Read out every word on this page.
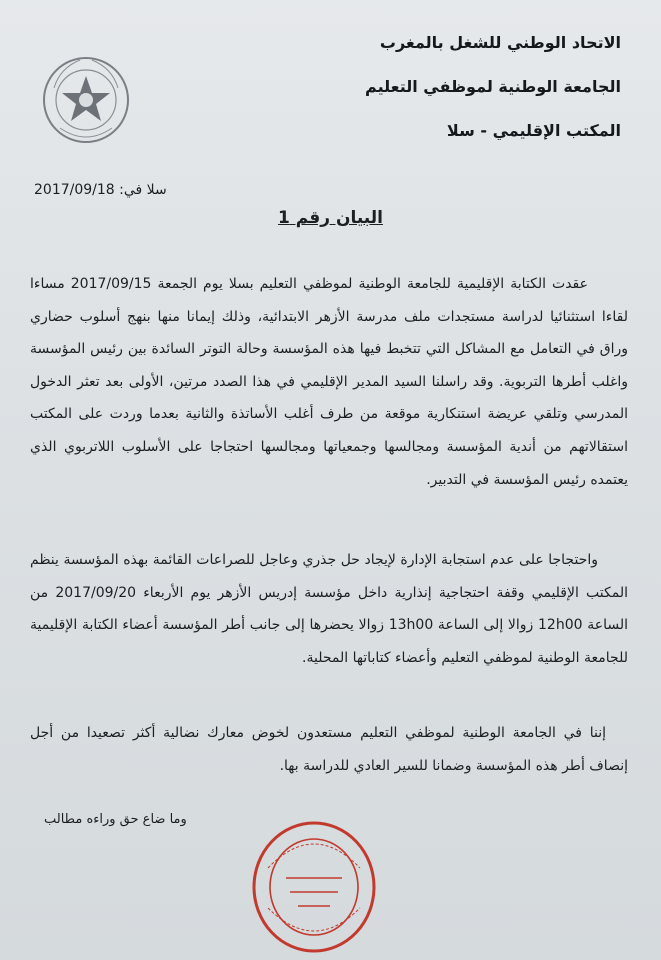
الاتحاد الوطني للشغل بالمغرب
الجامعة الوطنية لموظفي التعليم
المكتب الإقليمي - سلا
سلا في: 2017/09/18
البيان رقم 1

عقدت الكتابة الإقليمية للجامعة الوطنية لموظفي التعليم بسلا يوم الجمعة 2017/09/15 مساءا لقاءا استثنائيا لدراسة مستجدات ملف مدرسة الأزهر الابتدائية، وذلك إيمانا منها بنهج أسلوب حضاري وراق في التعامل مع المشاكل التي تتخبط فيها هذه المؤسسة وحالة التوتر السائدة بين رئيس المؤسسة واغلب أطرها التربوية. وقد راسلنا السيد المدير الإقليمي في هذا الصدد مرتين، الأولى بعد تعثر الدخول المدرسي وتلقي عريضة استنكارية موقعة من طرف أغلب الأساتذة والثانية بعدما وردت على المكتب استقالاتهم من أندية المؤسسة ومجالسها وجمعياتها ومجالسها احتجاجا على الأسلوب اللاتربوي الذي يعتمده رئيس المؤسسة في التدبير.

واحتجاجا على عدم استجابة الإدارة لإيجاد حل جذري وعاجل للصراعات القائمة بهذه المؤسسة ينظم المكتب الإقليمي وقفة احتجاجية إنذارية داخل مؤسسة إدريس الأزهر يوم الأربعاء 2017/09/20 من الساعة 12h00 زوالا إلى الساعة 13h00 زوالا يحضرها إلى جانب أطر المؤسسة أعضاء الكتابة الإقليمية للجامعة الوطنية لموظفي التعليم وأعضاء كتاباتها المحلية.

إننا في الجامعة الوطنية لموظفي التعليم مستعدون لخوض معارك نضالية أكثر تصعيدا من أجل إنصاف أطر هذه المؤسسة وضمانا للسير العادي للدراسة بها.

وما ضاع حق وراءه مطالب
